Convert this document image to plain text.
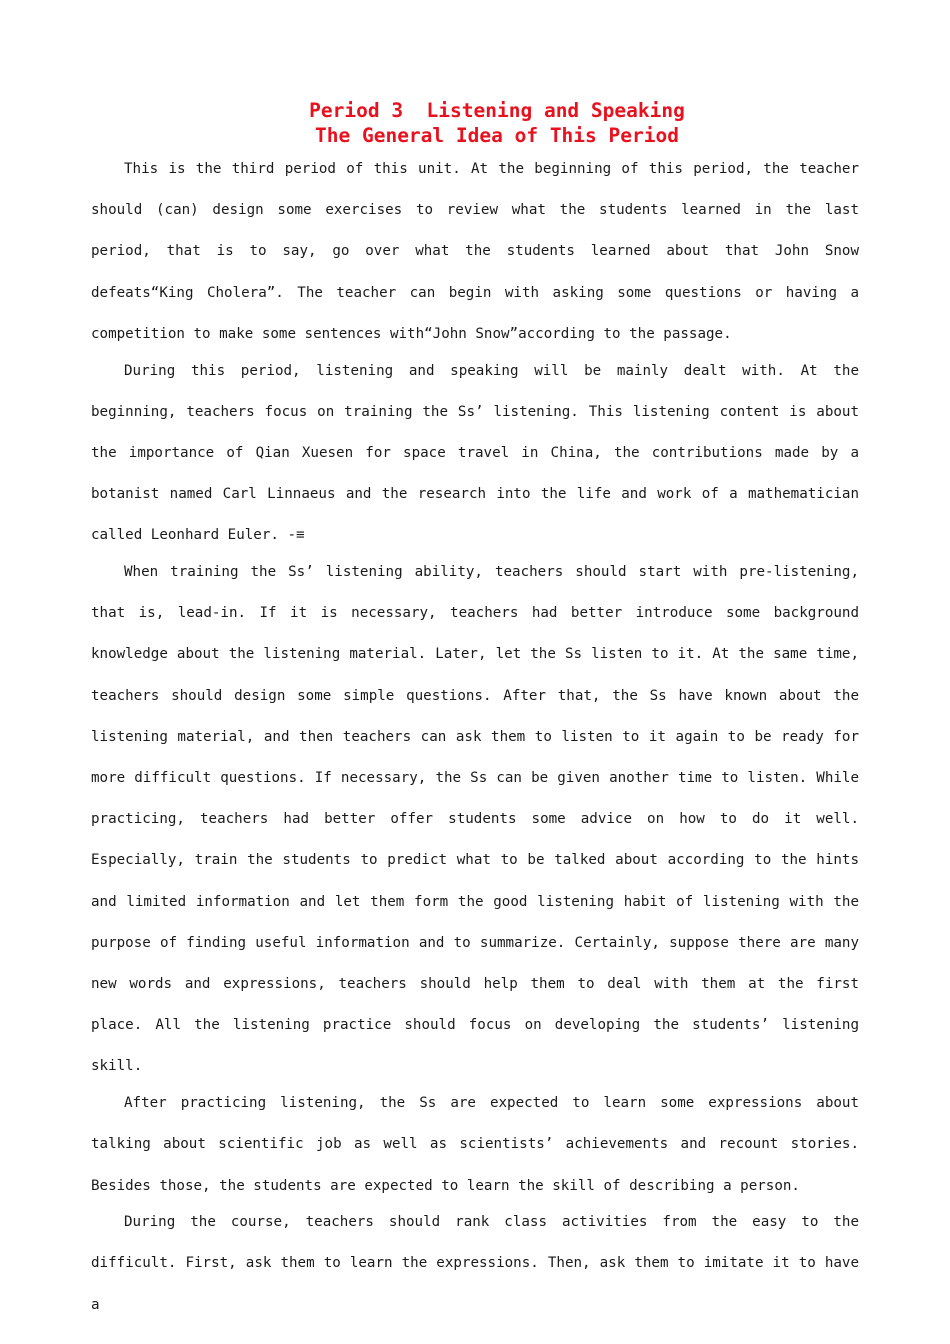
Period 3  Listening and Speaking
The General Idea of This Period

This is the third period of this unit. At the beginning of this period, the teacher should (can) design some exercises to review what the students learned in the last period, that is to say, go over what the students learned about that John Snow defeats“King Cholera”. The teacher can begin with asking some questions or having a competition to make some sentences with“John Snow”according to the passage.

During this period, listening and speaking will be mainly dealt with. At the beginning, teachers focus on training the Ss’ listening. This listening content is about the importance of Qian Xuesen for space travel in China, the contributions made by a botanist named Carl Linnaeus and the research into the life and work of a mathematician called Leonhard Euler. -≡

When training the Ss’ listening ability, teachers should start with pre-listening, that is, lead-in. If it is necessary, teachers had better introduce some background knowledge about the listening material. Later, let the Ss listen to it. At the same time, teachers should design some simple questions. After that, the Ss have known about the listening material, and then teachers can ask them to listen to it again to be ready for more difficult questions. If necessary, the Ss can be given another time to listen. While practicing, teachers had better offer students some advice on how to do it well. Especially, train the students to predict what to be talked about according to the hints and limited information and let them form the good listening habit of listening with the purpose of finding useful information and to summarize. Certainly, suppose there are many new words and expressions, teachers should help them to deal with them at the first place. All the listening practice should focus on developing the students’ listening skill.

After practicing listening, the Ss are expected to learn some expressions about talking about scientific job as well as scientists’ achievements and recount stories. Besides those, the students are expected to learn the skill of describing a person.

During the course, teachers should rank class activities from the easy to the difficult. First, ask them to learn the expressions. Then, ask them to imitate it to have a
